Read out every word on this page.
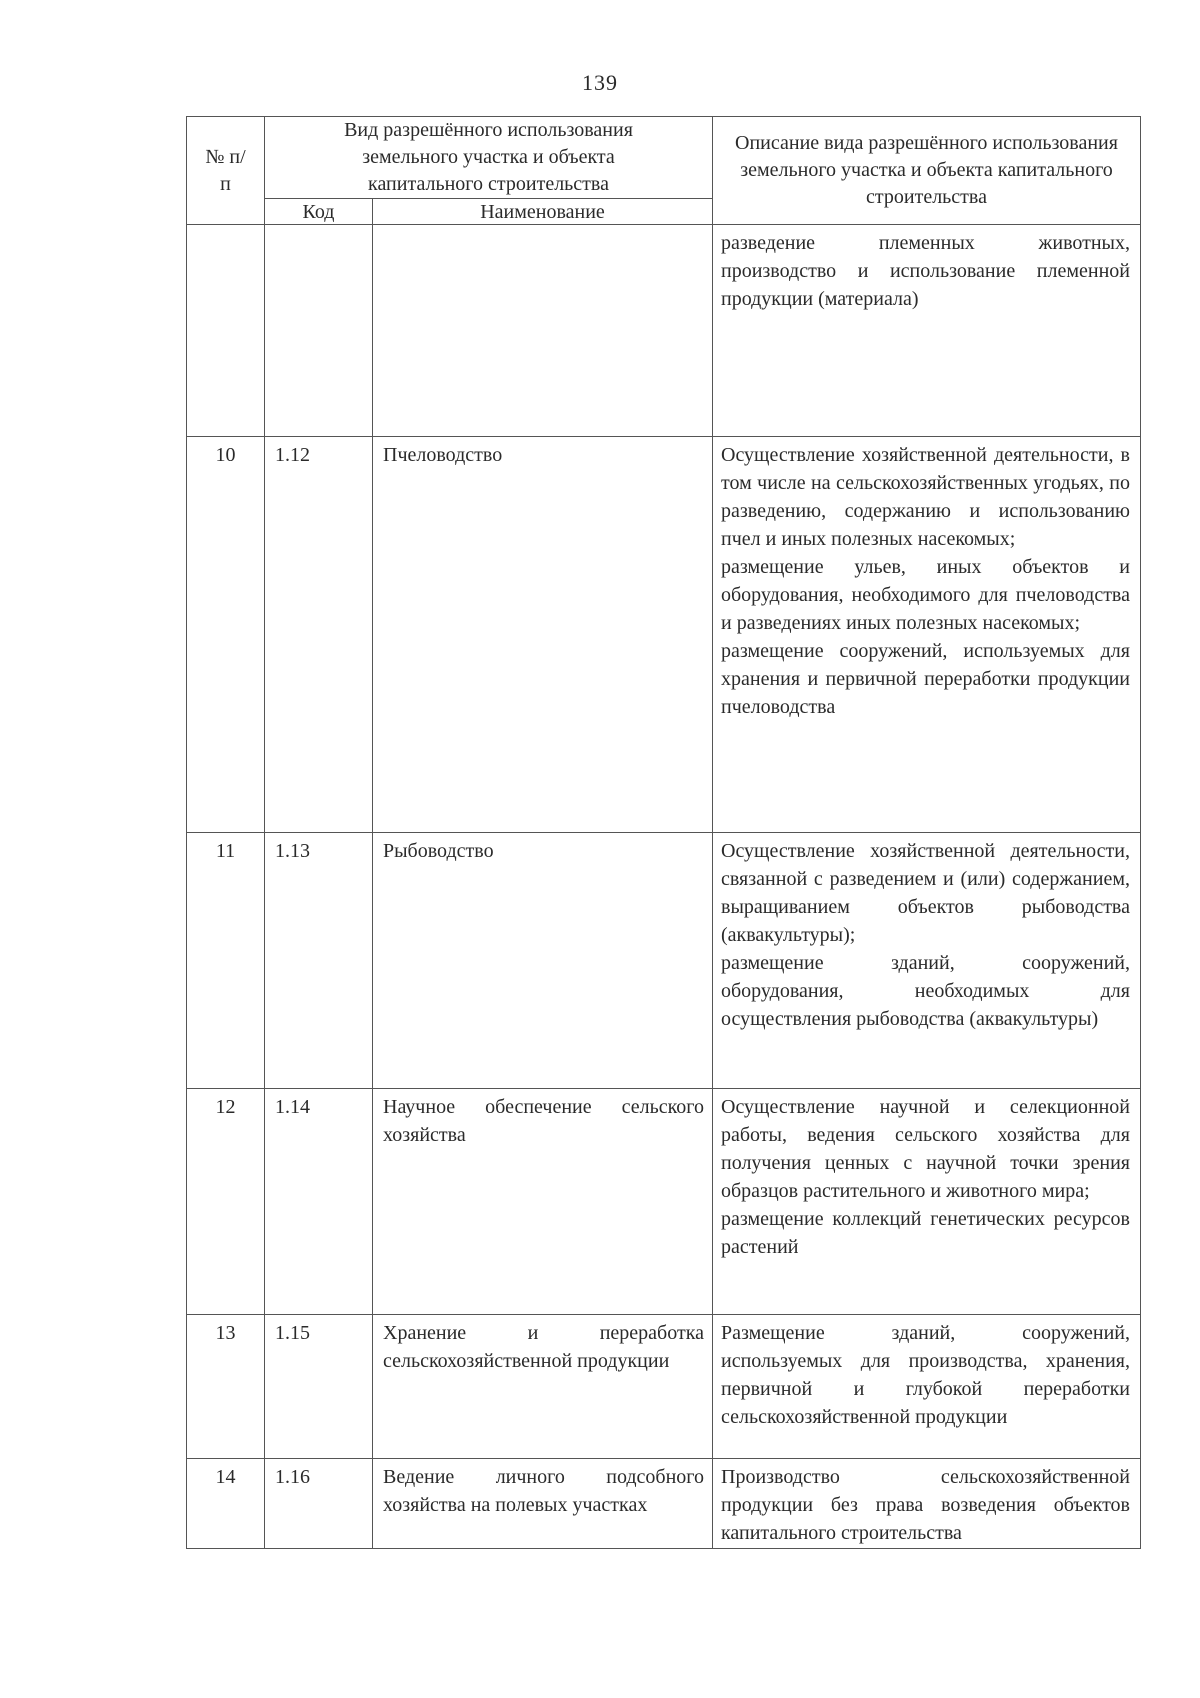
139
№ п/п	Вид разрешённого использования земельного участка и объекта капитального строительства		Описание вида разрешённого использования земельного участка и объекта капитального строительства
	Код	Наименование	

			разведение племенных животных, производство и использование племенной продукции (материала)

10	1.12	Пчеловодство	Осуществление хозяйственной деятельности, в том числе на сельскохозяйственных угодьях, по разведению, содержанию и использованию пчел и иных полезных насекомых;

размещение ульев, иных объектов и оборудования, необходимого для пчеловодства и разведениях иных полезных насекомых;

размещение сооружений, используемых для хранения и первичной переработки продукции пчеловодства

11	1.13	Рыбоводство	Осуществление хозяйственной деятельности, связанной с разведением и (или) содержанием, выращиванием объектов рыбоводства (аквакультуры);

размещение зданий, сооружений, оборудования, необходимых для осуществления рыбоводства (аквакультуры)

12	1.14	Научное обеспечение сельского хозяйства	Осуществление научной и селекционной работы, ведения сельского хозяйства для получения ценных с научной точки зрения образцов растительного и животного мира;

размещение коллекций генетических ресурсов растений

13	1.15	Хранение и переработка сельскохозяйственной продукции	Размещение зданий, сооружений, используемых для производства, хранения, первичной и глубокой переработки сельскохозяйственной продукции

14	1.16	Ведение личного подсобного хозяйства на полевых участках	Производство сельскохозяйственной продукции без права возведения объектов капитального строительства
